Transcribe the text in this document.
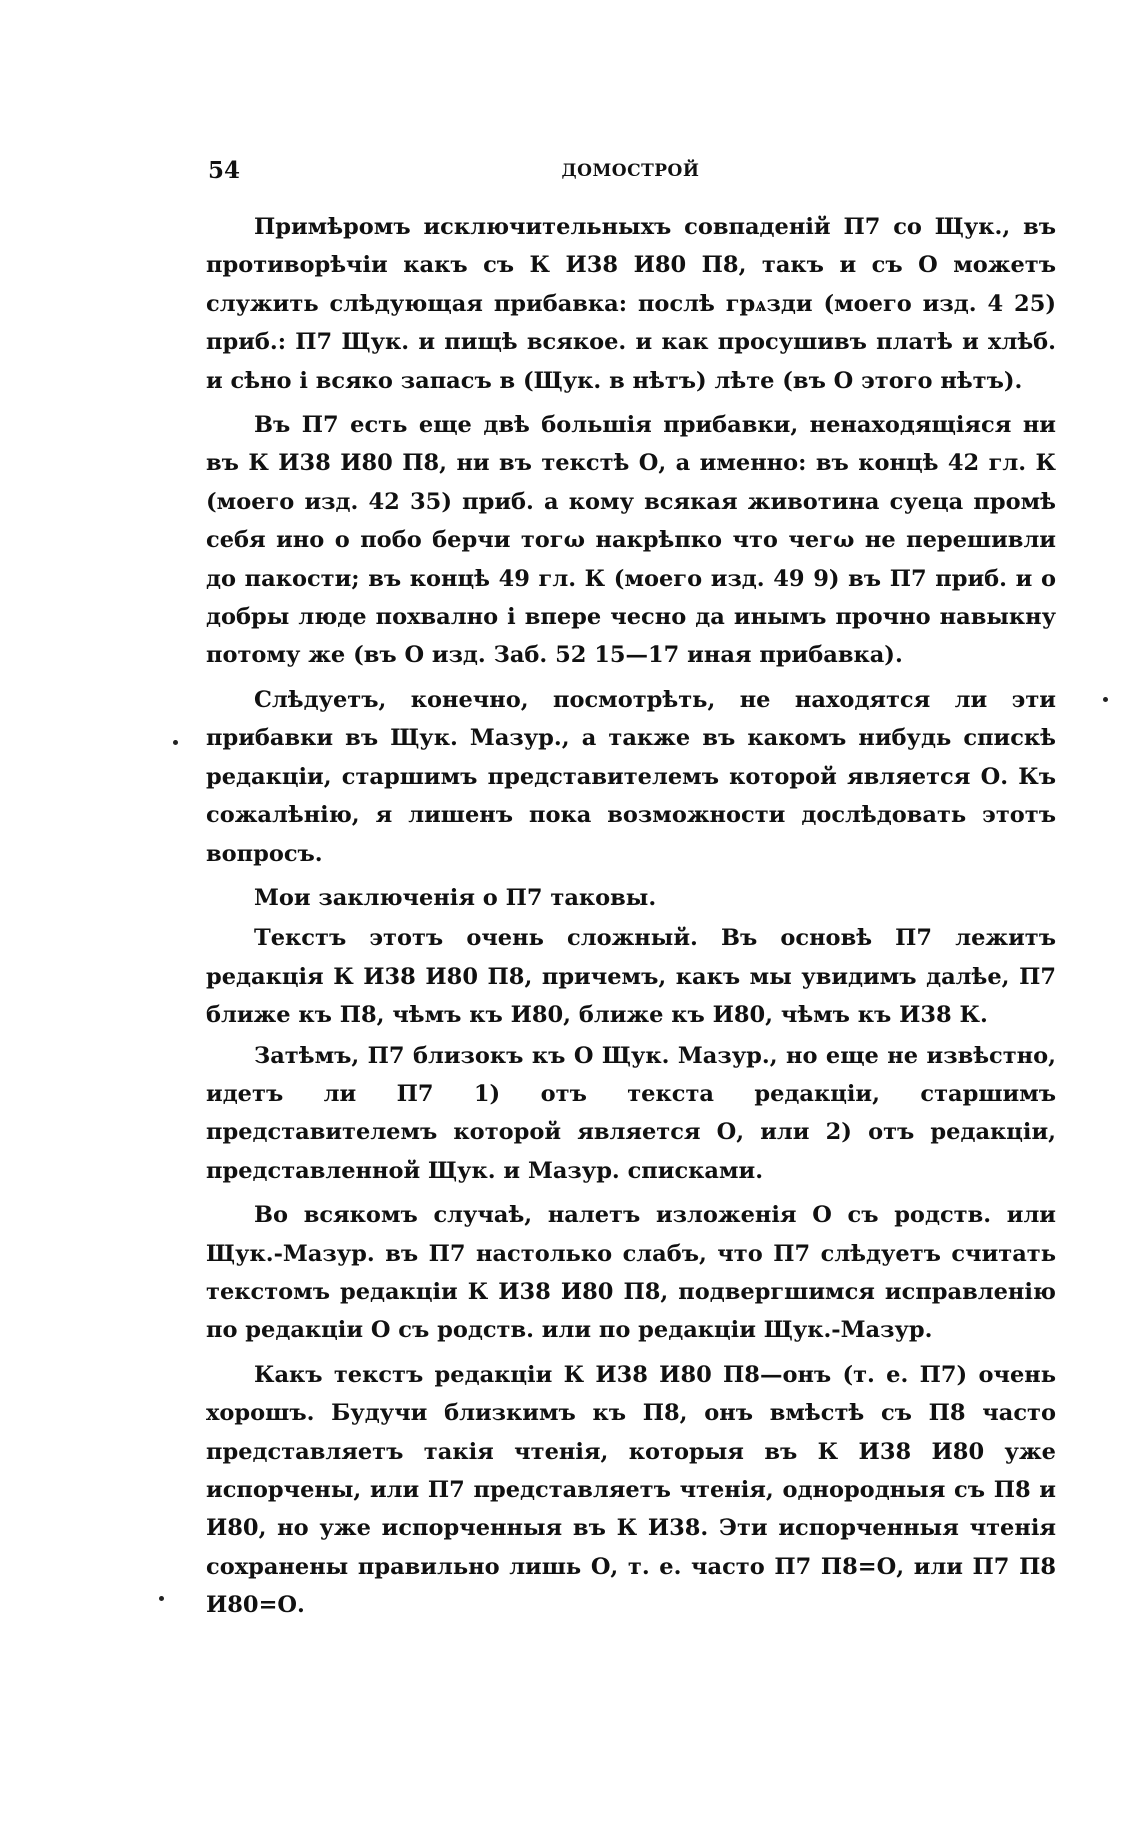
54	ДОМОСТРОЙ

Примѣромъ исключительныхъ совпаденій П7 со Щук., въ противорѣчіи какъ съ К И38 И80 П8, такъ и съ О можетъ служить слѣдующая прибавка: послѣ грѧзди (моего изд. 4 25) приб.: П7 Щук. и пищѣ всякое. и как просушивъ платѣ и хлѣб. и сѣно і всяко запасъ в (Щук. в нѣтъ) лѣте (въ О этого нѣтъ).

Въ П7 есть еще двѣ большія прибавки, ненаходящіяся ни въ К И38 И80 П8, ни въ текстѣ О, а именно: въ концѣ 42 гл. К (моего изд. 42 35) приб. а кому всякая животина суеца промѣ себя ино о побо берчи тогω накрѣпко что чегω не перешивли до пакости; въ концѣ 49 гл. К (моего изд. 49 9) въ П7 приб. и о добры люде похвално і впере чесно да инымъ прочно навыкну потому же (въ О изд. Заб. 52 15—17 иная прибавка).

Слѣдуетъ, конечно, посмотрѣть, не находятся ли эти прибавки въ Щук. Мазур., а также въ какомъ нибудь спискѣ редакціи, старшимъ представителемъ которой является О. Къ сожалѣнію, я лишенъ пока возможности дослѣдовать этотъ вопросъ.

Мои заключенія о П7 таковы.

Текстъ этотъ очень сложный. Въ основѣ П7 лежитъ редакція К И38 И80 П8, причемъ, какъ мы увидимъ далѣе, П7 ближе къ П8, чѣмъ къ И80, ближе къ И80, чѣмъ къ И38 К.

Затѣмъ, П7 близокъ къ О Щук. Мазур., но еще не извѣстно, идетъ ли П7 1) отъ текста редакціи, старшимъ представителемъ которой является О, или 2) отъ редакціи, представленной Щук. и Мазур. списками.

Во всякомъ случаѣ, налетъ изложенія О съ родств. или Щук.-Мазур. въ П7 настолько слабъ, что П7 слѣдуетъ считать текстомъ редакціи К И38 И80 П8, подвергшимся исправленію по редакціи О съ родств. или по редакціи Щук.-Мазур.

Какъ текстъ редакціи К И38 И80 П8—онъ (т. е. П7) очень хорошъ. Будучи близкимъ къ П8, онъ вмѣстѣ съ П8 часто представляетъ такія чтенія, которыя въ К И38 И80 уже испорчены, или П7 представляетъ чтенія, однородныя съ П8 и И80, но уже испорченныя въ К И38. Эти испорченныя чтенія сохранены правильно лишь О, т. е. часто П7 П8=О, или П7 П8 И80=О.
